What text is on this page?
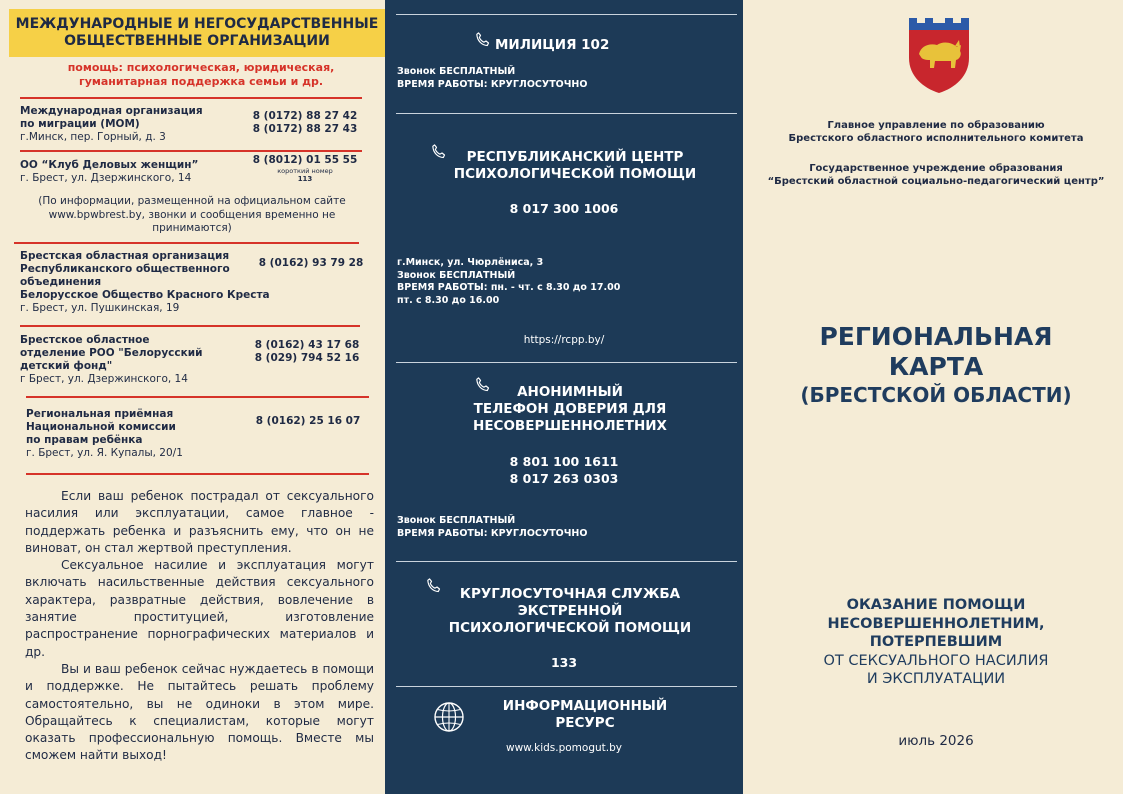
МЕЖДУНАРОДНЫЕ И НЕГОСУДАРСТВЕННЫЕ
ОБЩЕСТВЕННЫЕ ОРГАНИЗАЦИИ
помощь: психологическая, юридическая,
гуманитарная поддержка семьи и др.
Международная организация
по миграции (МОМ)
г.Минск, пер. Горный, д. 3
8 (0172) 88 27 42
8 (0172) 88 27 43
ОО “Клуб Деловых женщин”
г. Брест, ул. Дзержинского, 14
8 (8012) 01 55 55
короткий номер
113
(По информации, размещенной на официальном сайте www.bpwbrest.by, звонки и сообщения временно не принимаются)
Брестская областная организация
Республиканского общественного
объединения
Белорусское Общество Красного Креста
г. Брест, ул. Пушкинская, 19
8 (0162) 93 79 28
Брестское областное
отделение РОО "Белорусский
детский фонд"
г Брест, ул. Дзержинского, 14
8 (0162) 43 17 68
8 (029) 794 52 16
Региональная приёмная
Национальной комиссии
по правам ребёнка
г. Брест, ул. Я. Купалы, 20/1
8 (0162) 25 16 07

Если ваш ребенок пострадал от сексуального насилия или эксплуатации, самое главное - поддержать ребенка и разъяснить ему, что он не виноват, он стал жертвой преступления.

Сексуальное насилие и эксплуатация могут включать насильственные действия сексуального характера, развратные действия, вовлечение в занятие проституцией, изготовление распространение порнографических материалов и др.

Вы и ваш ребенок сейчас нуждаетесь в помощи и поддержке. Не пытайтесь решать проблему самостоятельно, вы не одиноки в этом мире. Обращайтесь к специалистам, которые могут оказать профессиональную помощь. Вместе мы сможем найти выход!

МИЛИЦИЯ 102
Звонок БЕСПЛАТНЫЙ
ВРЕМЯ РАБОТЫ: КРУГЛОСУТОЧНО
РЕСПУБЛИКАНСКИЙ ЦЕНТР
ПСИХОЛОГИЧЕСКОЙ ПОМОЩИ
8 017 300 1006
г.Минск, ул. Чюрлёниса, 3
Звонок БЕСПЛАТНЫЙ
ВРЕМЯ РАБОТЫ: пн. - чт. с 8.30 до 17.00
пт. с 8.30 до 16.00
https://rcpp.by/
АНОНИМНЫЙ
ТЕЛЕФОН ДОВЕРИЯ ДЛЯ
НЕСОВЕРШЕННОЛЕТНИХ
8 801 100 1611
8 017 263 0303
Звонок БЕСПЛАТНЫЙ
ВРЕМЯ РАБОТЫ: КРУГЛОСУТОЧНО
КРУГЛОСУТОЧНАЯ СЛУЖБА
ЭКСТРЕННОЙ
ПСИХОЛОГИЧЕСКОЙ ПОМОЩИ
133
ИНФОРМАЦИОННЫЙ
РЕСУРС
www.kids.pomogut.by
Главное управление по образованию
Брестского областного исполнительного комитета
Государственное учреждение образования
“Брестский областной социально-педагогический центр”
РЕГИОНАЛЬНАЯ
КАРТА
(БРЕСТСКОЙ ОБЛАСТИ)
ОКАЗАНИЕ ПОМОЩИ
НЕСОВЕРШЕННОЛЕТНИМ,
ПОТЕРПЕВШИМ
ОТ СЕКСУАЛЬНОГО НАСИЛИЯ
И ЭКСПЛУАТАЦИИ
июль 2026
